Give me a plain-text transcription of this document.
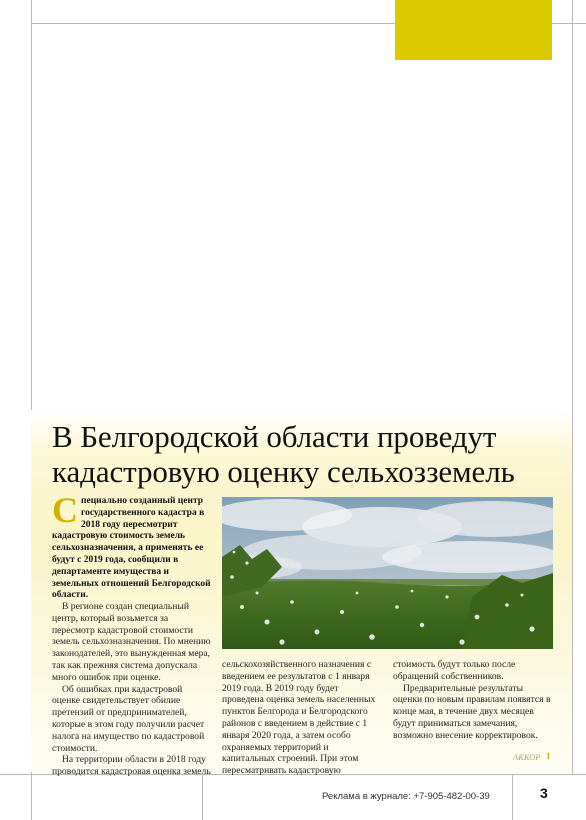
В Белгородской области проведут
кадастровую оценку сельхозземель
Специально созданный центр государственного кадастра в 2018 году пересмотрит кадастровую стоимость земель сельхозназначения, а применять ее будут с 2019 года, сообщили в департаменте имущества и земельных отношений Белгородской области.

В регионе создан специальный центр, который возьмется за пересмотр кадастровой стоимости земель сельхозназначения. По мнению законодателей, это вынужденная мера, так как прежняя система допускала много ошибок при оценке.

Об ошибках при кадастровой оценке свидетельствует обилие претензий от предпринимателей, которые в этом году получили расчет налога на имущество по кадастровой стоимости.

На территории области в 2018 году проводится кадастровая оценка земель

сельскохозяйственного назначения с введением ее результатов с 1 января 2019 года. В 2019 году будет проведена оценка земель населенных пунктов Белгорода и Белгородского районов с введением в действие с 1 января 2020 года, а затем особо охраняемых территорий и капитальных строений. При этом пересматривать кадастровую

стоимость будут только после обращений собственников.

Предварительные результаты оценки по новым правилам появятся в конце мая, в течение двух месяцев будут приниматься замечания, возможно внесение корректировок.

АККОР 1
Реклама в журнале: +7-905-482-00-39	3
